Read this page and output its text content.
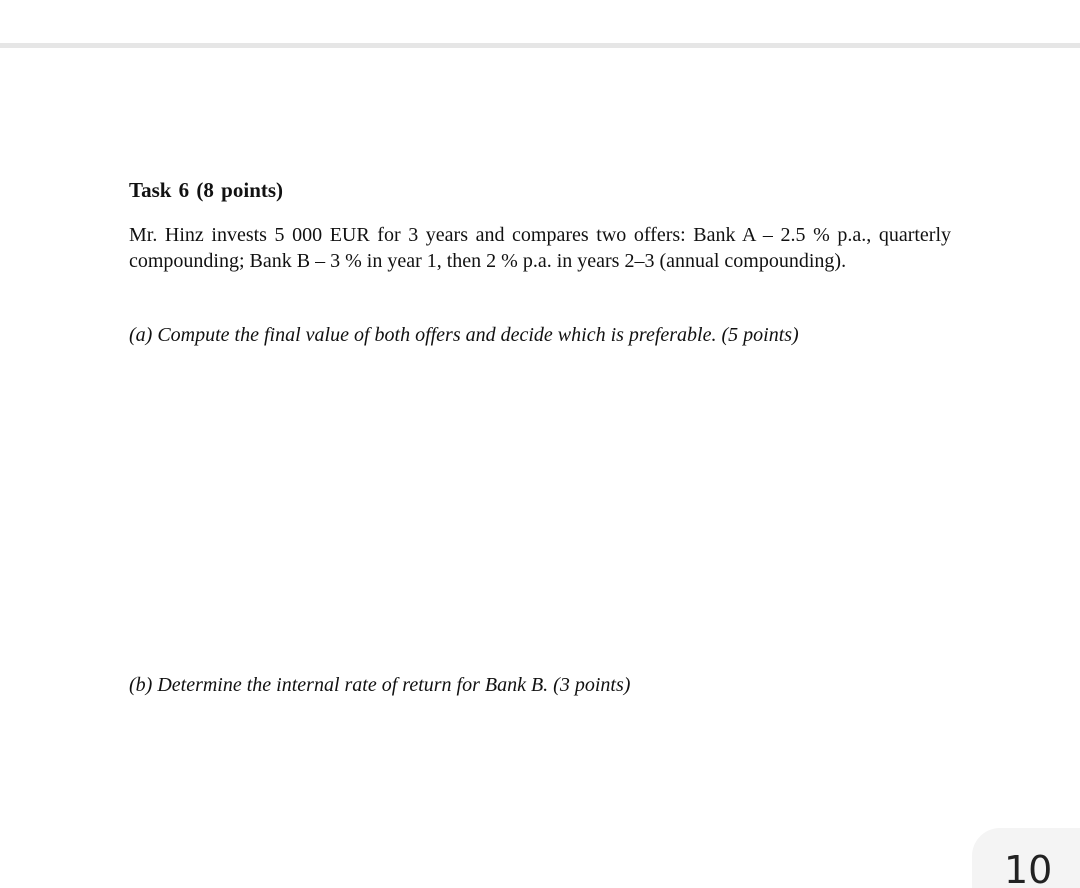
Task 6 (8 points)

Mr. Hinz invests 5 000 EUR for 3 years and compares two offers: Bank A – 2.5 % p.a., quarterly compounding; Bank B – 3 % in year 1, then 2 % p.a. in years 2–3 (annual compounding).

(a) Compute the final value of both offers and decide which is preferable. (5 points)

(b) Determine the internal rate of return for Bank B. (3 points)

10
